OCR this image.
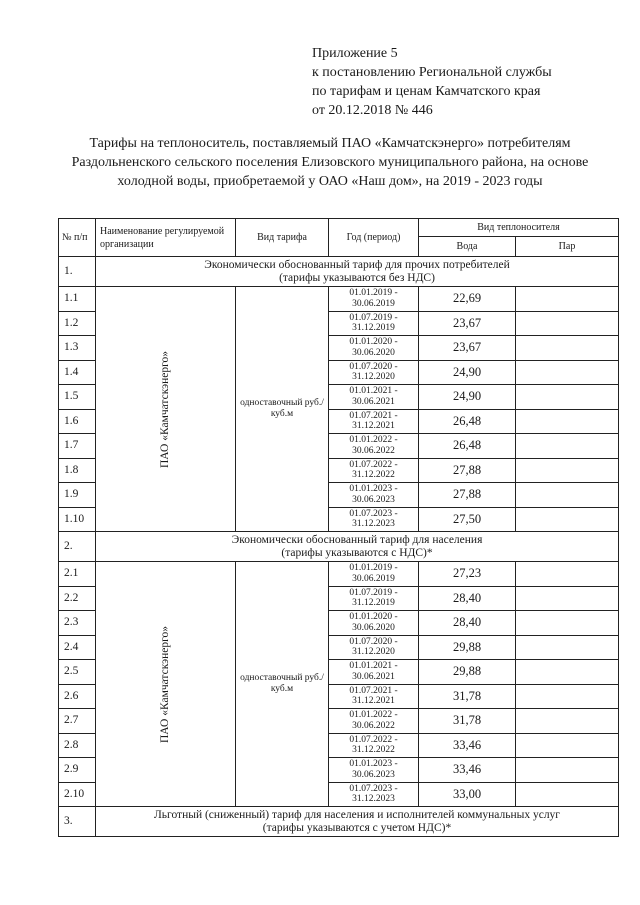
Приложение 5
к постановлению Региональной службы
по тарифам и ценам Камчатского края
от 20.12.2018 № 446
Тарифы на теплоноситель, поставляемый ПАО «Камчатскэнерго» потребителям Раздольненского сельского поселения Елизовского муниципального района, на основе холодной воды, приобретаемой у ОАО «Наш дом», на 2019 - 2023 годы
№ п/п	Наименование регулируемой организации	Вид тарифа	Год (период)	Вид теплоносителя	
				Вода	Пар
1.	Экономически обоснованный тариф для прочих потребителей
(тарифы указываются без НДС)				
1.1	ПАО «Камчатскэнерго»	одноставочный руб./куб.м	01.01.2019 -
30.06.2019	22,69	
1.2			01.07.2019 -
31.12.2019	23,67	
1.3			01.01.2020 -
30.06.2020	23,67	
1.4			01.07.2020 -
31.12.2020	24,90	
1.5			01.01.2021 -
30.06.2021	24,90	
1.6			01.07.2021 -
31.12.2021	26,48	
1.7			01.01.2022 -
30.06.2022	26,48	
1.8			01.07.2022 -
31.12.2022	27,88	
1.9			01.01.2023 -
30.06.2023	27,88	
1.10			01.07.2023 -
31.12.2023	27,50	
2.	Экономически обоснованный тариф для населения
(тарифы указываются с НДС)*				
2.1	ПАО «Камчатскэнерго»	одноставочный руб./куб.м	01.01.2019 -
30.06.2019	27,23	
2.2			01.07.2019 -
31.12.2019	28,40	
2.3			01.01.2020 -
30.06.2020	28,40	
2.4			01.07.2020 -
31.12.2020	29,88	
2.5			01.01.2021 -
30.06.2021	29,88	
2.6			01.07.2021 -
31.12.2021	31,78	
2.7			01.01.2022 -
30.06.2022	31,78	
2.8			01.07.2022 -
31.12.2022	33,46	
2.9			01.01.2023 -
30.06.2023	33,46	
2.10			01.07.2023 -
31.12.2023	33,00	
3.	Льготный (сниженный) тариф для населения и исполнителей коммунальных услуг
(тарифы указываются с учетом НДС)*				
